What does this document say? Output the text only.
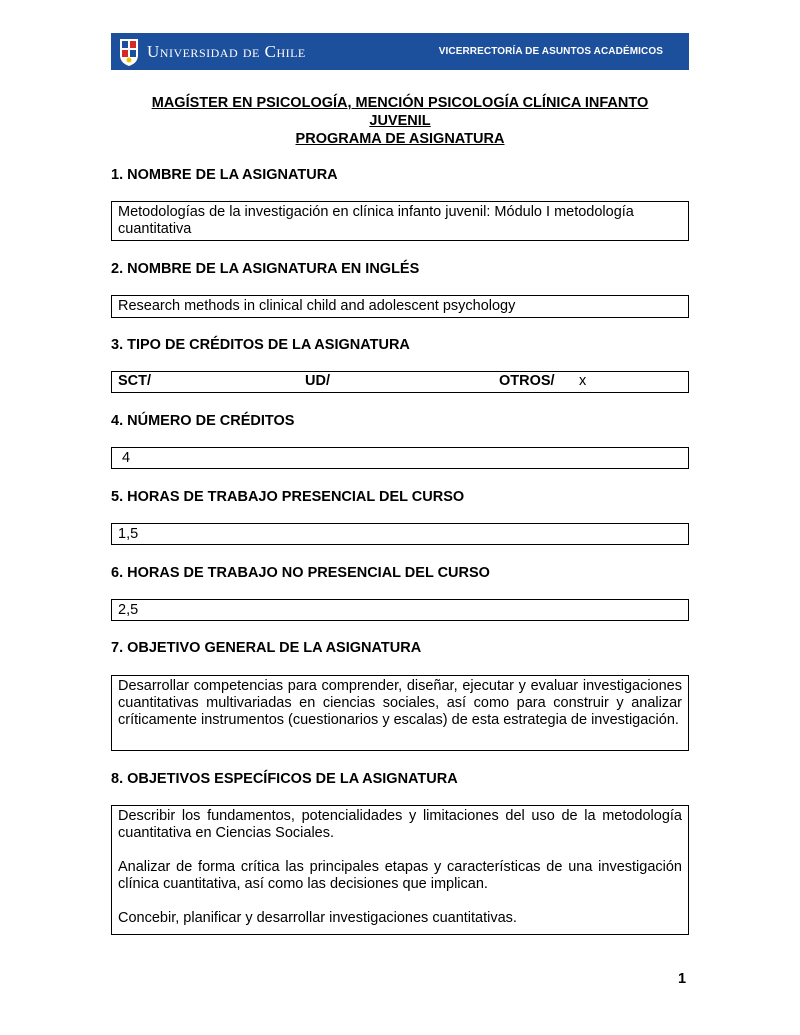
Universidad de Chile	VICERRECTORÍA DE ASUNTOS ACADÉMICOS
MAGÍSTER EN PSICOLOGÍA, MENCIÓN PSICOLOGÍA CLÍNICA INFANTO
JUVENIL
PROGRAMA DE ASIGNATURA
1. NOMBRE DE LA ASIGNATURA
Metodologías de la investigación en clínica infanto juvenil: Módulo I metodología cuantitativa
2. NOMBRE DE LA ASIGNATURA EN INGLÉS
Research methods in clinical child and adolescent psychology
3. TIPO DE CRÉDITOS DE LA ASIGNATURA
SCT/	UD/	OTROS/	x
4. NÚMERO DE CRÉDITOS
4
5. HORAS DE TRABAJO PRESENCIAL DEL CURSO
1,5
6. HORAS DE TRABAJO NO PRESENCIAL DEL CURSO
2,5
7. OBJETIVO GENERAL DE LA ASIGNATURA
Desarrollar competencias para comprender, diseñar, ejecutar y evaluar investigaciones cuantitativas multivariadas en ciencias sociales, así como para construir y analizar críticamente instrumentos (cuestionarios y escalas) de esta estrategia de investigación.
8. OBJETIVOS ESPECÍFICOS DE LA ASIGNATURA

Describir los fundamentos, potencialidades y limitaciones del uso de la metodología cuantitativa en Ciencias Sociales.

Analizar de forma crítica las principales etapas y características de una investigación clínica cuantitativa, así como las decisiones que implican.

Concebir, planificar y desarrollar investigaciones cuantitativas.

1
